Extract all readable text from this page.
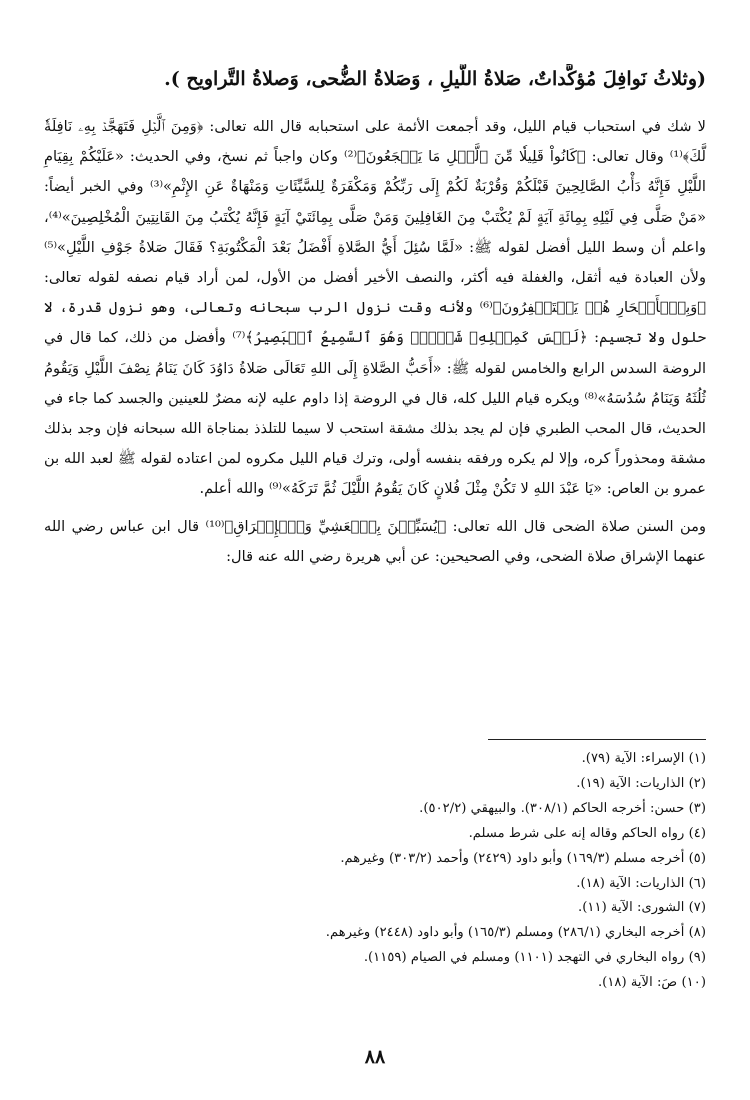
(وثلاثُ نَوافِلَ مُؤكَّداتٌ، صَلاةُ اللَّيلِ ، وَصَلاةُ الضُّحى، وَصلاةُ التَّراويح ).

لا شك في استحباب قيام الليل، وقد أجمعت الأئمة على استحبابه قال الله تعالى: ﴿وَمِنَ ٱلَّيۡلِ فَتَهَجَّدۡ بِهِۦ نَافِلَةٗ لَّكَ﴾⁽¹⁾ وقال تعالى: ﴿كَانُواْ قَلِيلٗا مِّنَ ٱلَّيۡلِ مَا يَهۡجَعُونَ﴾⁽²⁾ وكان واجباً ثم نسخ، وفي الحديث: «عَلَيْكُمْ بِقِيَامِ اللَّيْلِ فَإِنَّهُ دَأْبُ الصَّالِحِينَ قَبْلَكُمْ وَقُرْبَةٌ لَكُمْ إِلَى رَبِّكُمْ وَمَكْفَرَةٌ لِلسَّيِّئَاتِ وَمَنْهَاةٌ عَنِ الإِثْمِ»⁽³⁾ وفي الخبر أيضاً: «مَنْ صَلَّى فِي لَيْلِهِ بِمِائَةِ آيَةٍ لَمْ يُكْتَبْ مِنَ الغَافِلِينَ وَمَنْ صَلَّى بِمِائَتَيْ آيَةٍ فَإِنَّهُ يُكْتَبُ مِنَ القَانِتِينَ الْمُخْلِصِينَ»⁽⁴⁾، واعلم أن وسط الليل أفضل لقوله ﷺ: «لَمَّا سُئِلَ أَيُّ الصَّلاةِ أَفْضَلُ بَعْدَ الْمَكْتُوبَةِ؟ فَقَالَ صَلاةُ جَوْفِ اللَّيْلِ»⁽⁵⁾ ولأن العبادة فيه أثقل، والغفلة فيه أكثر، والنصف الأخير أفضل من الأول، لمن أراد قيام نصفه لقوله تعالى: ﴿وَبِٱلۡأَسۡحَارِ هُمۡ يَسۡتَغۡفِرُونَ﴾⁽⁶⁾ ولأنه وقت نزول الرب سبحانه وتعالى، وهو نزول قدرة، لا حلول ولا تجسيم: ﴿لَيۡسَ كَمِثۡلِهِۦ شَيۡءٞۖ وَهُوَ ٱلسَّمِيعُ ٱلۡبَصِيرُ﴾⁽⁷⁾ وأفضل من ذلك، كما قال في الروضة السدس الرابع والخامس لقوله ﷺ: «أَحَبُّ الصَّلاةِ إِلَى اللهِ تَعَالَى صَلاةُ دَاوُدَ كَانَ يَنَامُ نِصْفَ اللَّيْلِ وَيَقُومُ ثُلُثَهُ وَيَنَامُ سُدُسَهُ»⁽⁸⁾ ويكره قيام الليل كله، قال في الروضة إذا داوم عليه لإنه مضرٌ للعينين والجسد كما جاء في الحديث، قال المحب الطبري فإن لم يجد بذلك مشقة استحب لا سيما للتلذذ بمناجاة الله سبحانه فإن وجد بذلك مشقة ومحذوراً كره، وإلا لم يكره ورفقه بنفسه أولى، وترك قيام الليل مكروه لمن اعتاده لقوله ﷺ لعبد الله بن عمرو بن العاص: «يَا عَبْدَ اللهِ لا تَكُنْ مِثْلَ فُلانٍ كَانَ يَقُومُ اللَّيْلَ ثُمَّ تَرَكَهُ»⁽⁹⁾ والله أعلم.

ومن السنن صلاة الضحى قال الله تعالى: ﴿يُسَبِّحۡنَ بِٱلۡعَشِيِّ وَٱلۡإِشۡرَاقِ﴾⁽¹⁰⁾ قال ابن عباس رضي الله عنهما الإشراق صلاة الضحى، وفي الصحيحين: عن أبي هريرة رضي الله عنه قال:

(١) الإسراء: الآية (٧٩).
(٢) الذاريات: الآية (١٩).
(٣) حسن: أخرجه الحاكم (٣٠٨/١). والبيهقي (٥٠٢/٢).
(٤) رواه الحاكم وقاله إنه على شرط مسلم.
(٥) أخرجه مسلم (١٦٩/٣) وأبو داود (٢٤٢٩) وأحمد (٣٠٣/٢) وغيرهم.
(٦) الذاريات: الآية (١٨).
(٧) الشورى: الآية (١١).
(٨) أخرجه البخاري (٢٨٦/١) ومسلم (١٦٥/٣) وأبو داود (٢٤٤٨) وغيرهم.
(٩) رواه البخاري في التهجد (١١٠١) ومسلم في الصيام (١١٥٩).
(١٠) صَ: الآية (١٨).
٨٨
